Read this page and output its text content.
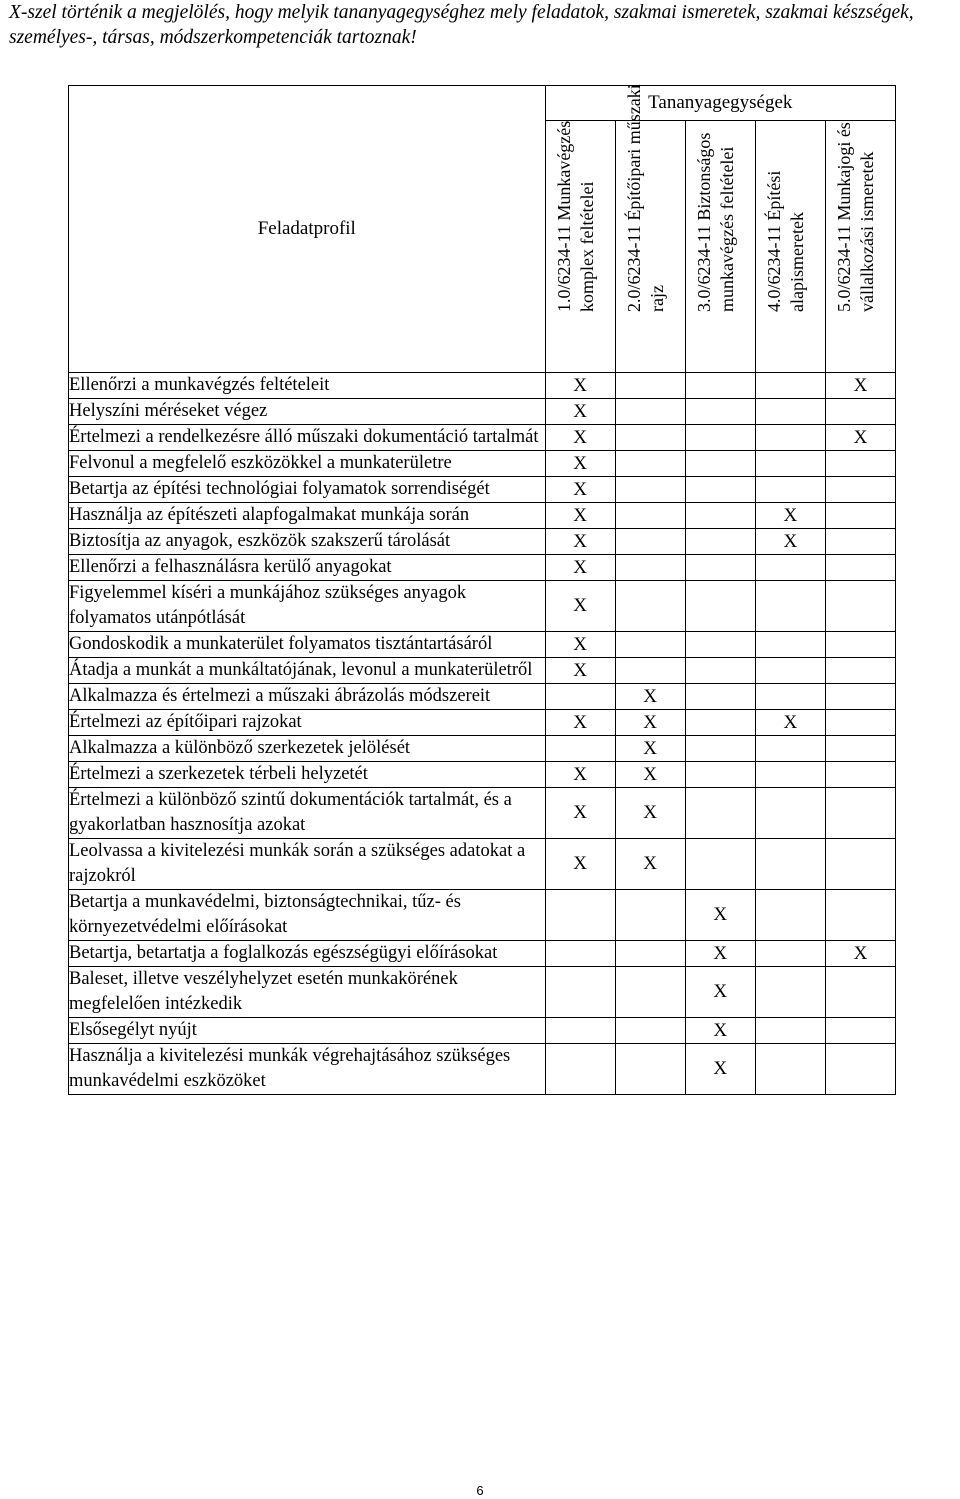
X-szel történik a megjelölés, hogy melyik tananyagegységhez mely feladatok, szakmai ismeretek, szakmai készségek, személyes-, társas, módszerkompetenciák tartoznak!
Feladatprofil	Tananyagegységek				

	1.0/6234-11 Munkavégzés komplex feltételei	2.0/6234-11 Építőipari műszaki rajz	3.0/6234-11 Biztonságos munkavégzés feltételei	4.0/6234-11 Építési alapismeretek	5.0/6234-11 Munkajogi és vállalkozási ismeretek

Ellenőrzi a munkavégzés feltételeit	X				X
Helyszíni méréseket végez	X				
Értelmezi a rendelkezésre álló műszaki dokumentáció tartalmát	X				X
Felvonul a megfelelő eszközökkel a munkaterületre	X				
Betartja az építési technológiai folyamatok sorrendiségét	X				
Használja az építészeti alapfogalmakat munkája során	X			X	
Biztosítja az anyagok, eszközök szakszerű tárolását	X			X	
Ellenőrzi a felhasználásra kerülő anyagokat	X				
Figyelemmel kíséri a munkájához szükséges anyagok folyamatos utánpótlását	X				
Gondoskodik a munkaterület folyamatos tisztántartásáról	X				
Átadja a munkát a munkáltatójának, levonul a munkaterületről	X				
Alkalmazza és értelmezi a műszaki ábrázolás módszereit		X			
Értelmezi az építőipari rajzokat	X	X		X	
Alkalmazza a különböző szerkezetek jelölését		X			
Értelmezi a szerkezetek térbeli helyzetét	X	X			
Értelmezi a különböző szintű dokumentációk tartalmát, és a gyakorlatban hasznosítja azokat	X	X			
Leolvassa a kivitelezési munkák során a szükséges adatokat a rajzokról	X	X			
Betartja a munkavédelmi, biztonságtechnikai, tűz- és környezetvédelmi előírásokat			X		
Betartja, betartatja a foglalkozás egészségügyi előírásokat			X		X
Baleset, illetve veszélyhelyzet esetén munkakörének megfelelően intézkedik			X		
Elsősegélyt nyújt			X		
Használja a kivitelezési munkák végrehajtásához szükséges munkavédelmi eszközöket			X		
6
